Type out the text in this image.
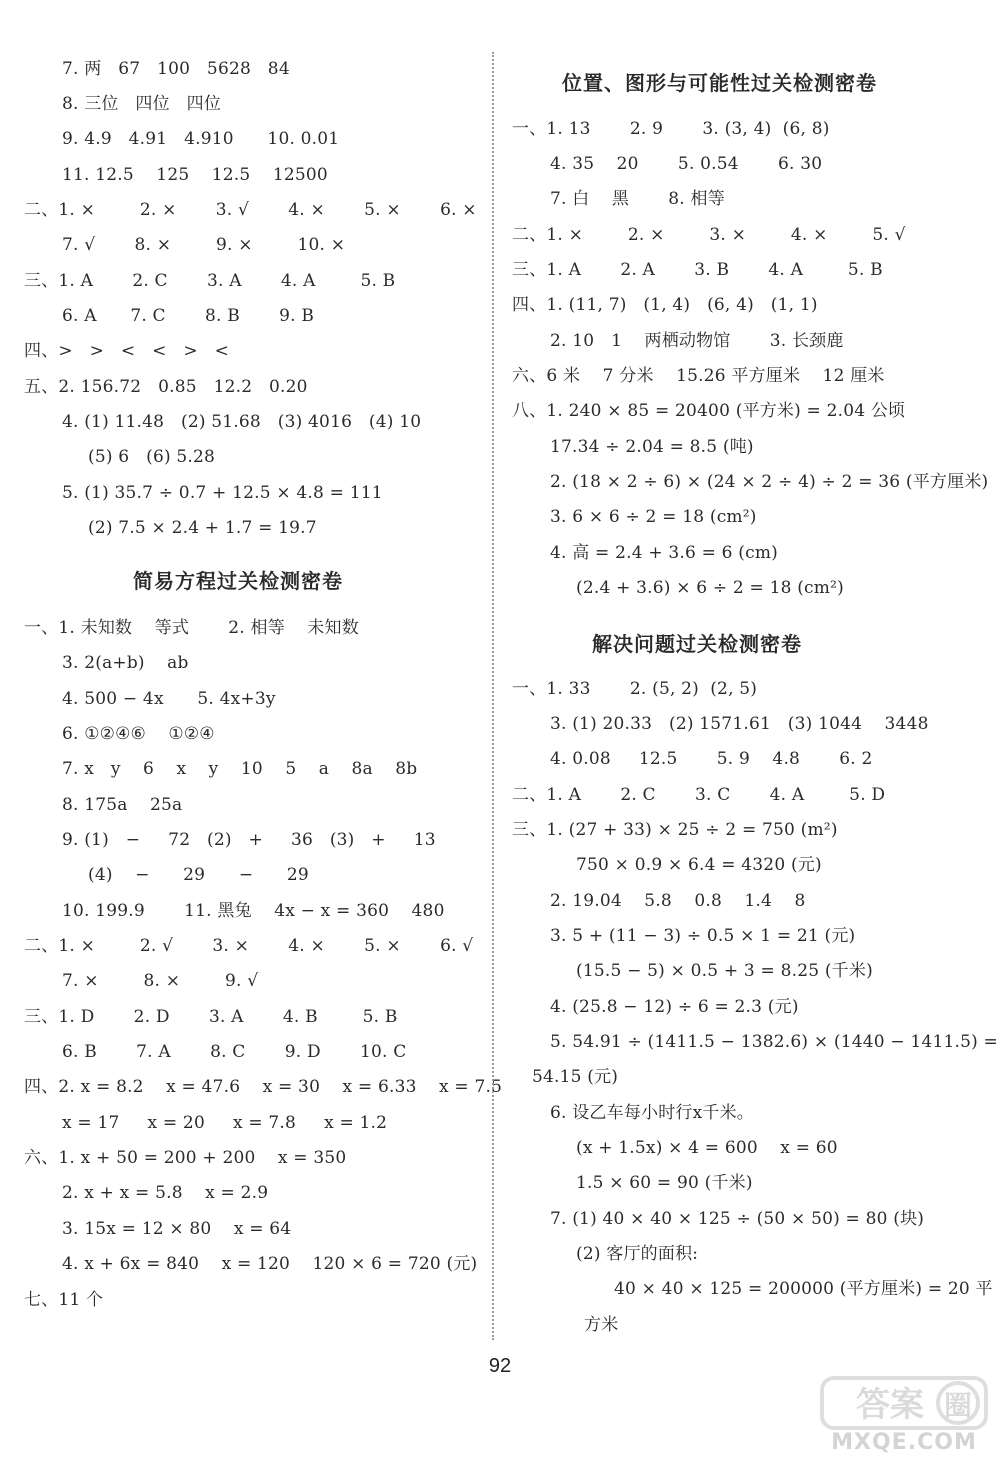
7. 两   67   100   5628   84
8. 三位   四位   四位
9. 4.9   4.91   4.910      10. 0.01
11. 12.5    125    12.5    12500
二、1. ×        2. ×       3. √       4. ×       5. ×       6. ×
7. √       8. ×        9. ×        10. ×
三、1. A       2. C       3. A       4. A        5. B
6. A      7. C       8. B       9. B
四、>   >   <   <   >   <
五、2. 156.72   0.85   12.2   0.20
4. (1) 11.48   (2) 51.68   (3) 4016   (4) 10
(5) 6   (6) 5.28
5. (1) 35.7 ÷ 0.7 + 12.5 × 4.8 = 111
(2) 7.5 × 2.4 + 1.7 = 19.7
简易方程过关检测密卷
一、1. 未知数    等式       2. 相等    未知数
3. 2(a+b)    ab
4. 500 − 4x      5. 4x+3y
6. ①②④⑥    ①②④
7. x   y    6    x    y    10    5    a    8a    8b
8. 175a    25a
9. (1)   −     72   (2)   +     36   (3)   +     13
(4)    −      29      −      29
10. 199.9       11. 黑兔    4x − x = 360    480
二、1. ×        2. √       3. ×       4. ×       5. ×       6. √
7. ×        8. ×        9. √
三、1. D       2. D       3. A       4. B        5. B
6. B       7. A       8. C       9. D       10. C
四、2. x = 8.2    x = 47.6    x = 30    x = 6.33    x = 7.5
x = 17     x = 20     x = 7.8     x = 1.2
六、1. x + 50 = 200 + 200    x = 350
2. x + x = 5.8    x = 2.9
3. 15x = 12 × 80    x = 64
4. x + 6x = 840    x = 120    120 × 6 = 720 (元)
七、11 个
位置、图形与可能性过关检测密卷
一、1. 13       2. 9       3. (3, 4)  (6, 8)
4. 35    20       5. 0.54       6. 30
7. 白    黑       8. 相等
二、1. ×        2. ×        3. ×        4. ×        5. √
三、1. A       2. A       3. B       4. A        5. B
四、1. (11, 7)   (1, 4)   (6, 4)   (1, 1)
2. 10   1    两栖动物馆       3. 长颈鹿
六、6 米    7 分米    15.26 平方厘米    12 厘米
八、1. 240 × 85 = 20400 (平方米) = 2.04 公顷
17.34 ÷ 2.04 = 8.5 (吨)
2. (18 × 2 ÷ 6) × (24 × 2 ÷ 4) ÷ 2 = 36 (平方厘米)
3. 6 × 6 ÷ 2 = 18 (cm²)
4. 高 = 2.4 + 3.6 = 6 (cm)
(2.4 + 3.6) × 6 ÷ 2 = 18 (cm²)
解决问题过关检测密卷
一、1. 33       2. (5, 2)  (2, 5)
3. (1) 20.33   (2) 1571.61   (3) 1044    3448
4. 0.08     12.5       5. 9    4.8       6. 2
二、1. A       2. C       3. C       4. A        5. D
三、1. (27 + 33) × 25 ÷ 2 = 750 (m²)
750 × 0.9 × 6.4 = 4320 (元)
2. 19.04    5.8    0.8    1.4    8
3. 5 + (11 − 3) ÷ 0.5 × 1 = 21 (元)
(15.5 − 5) × 0.5 + 3 = 8.25 (千米)
4. (25.8 − 12) ÷ 6 = 2.3 (元)
5. 54.91 ÷ (1411.5 − 1382.6) × (1440 − 1411.5) =
54.15 (元)
6. 设乙车每小时行x千米。
(x + 1.5x) × 4 = 600    x = 60
1.5 × 60 = 90 (千米)
7. (1) 40 × 40 × 125 ÷ (50 × 50) = 80 (块)
(2) 客厅的面积:
40 × 40 × 125 = 200000 (平方厘米) = 20 平
方米
92
答案 圈
MXQE.COM
